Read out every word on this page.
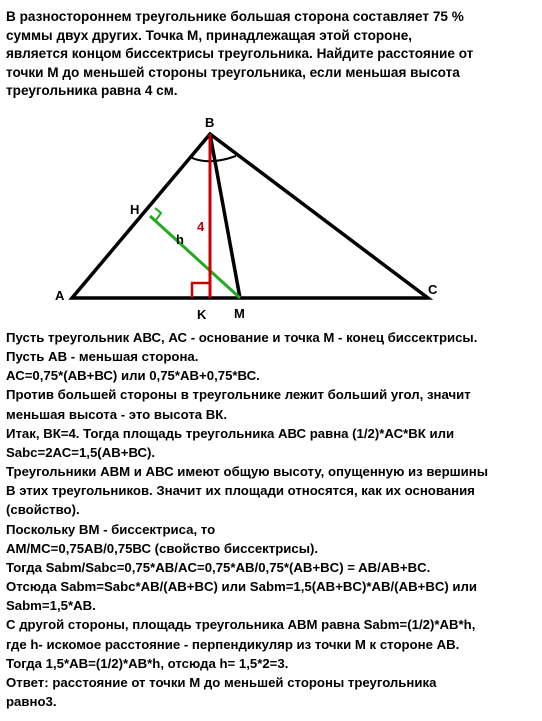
В разностороннем треугольнике большая сторона составляет 75 %
суммы двух других. Точка М, принадлежащая этой стороне,
является концом биссектрисы треугольника. Найдите расстояние от
точки М до меньшей стороны треугольника, если меньшая высота
треугольника равна 4 см.
B
A	C
H
K M
h
4
Пусть треугольник АВС, АС - основание и точка М - конец биссектрисы.
Пусть АВ - меньшая сторона.
АС=0,75*(АВ+ВС) или 0,75*АВ+0,75*ВС.
Против большей стороны в треугольнике лежит больший угол, значит
меньшая высота - это высота ВК.
Итак, ВК=4. Тогда площадь треугольника АВС равна (1/2)*АС*ВК или
Sabc=2АС=1,5(АВ+ВС).
Треугольники АВМ и АВС имеют общую высоту, опущенную из вершины
В этих треугольников. Значит их площади относятся, как их основания
(свойство).
Поскольку ВМ - биссектриса, то
АМ/МС=0,75АВ/0,75ВС (свойство биссектрисы).
Тогда Sabm/Sabc=0,75*AB/AC=0,75*AB/0,75*(AB+BC) = AB/AB+BC.
Отсюда Sabm=Sabc*AB/(AB+BC) или Sabm=1,5(AB+BC)*AB/(AB+BC) или
Sabm=1,5*AB.
С другой стороны, площадь треугольника АВМ равна Sabm=(1/2)*AB*h,
где h- искомое расстояние - перпендикуляр из точки М к стороне АВ.
Тогда 1,5*АВ=(1/2)*АВ*h, отсюда h= 1,5*2=3.
Ответ: расстояние от точки М до меньшей стороны треугольника
равно3.
